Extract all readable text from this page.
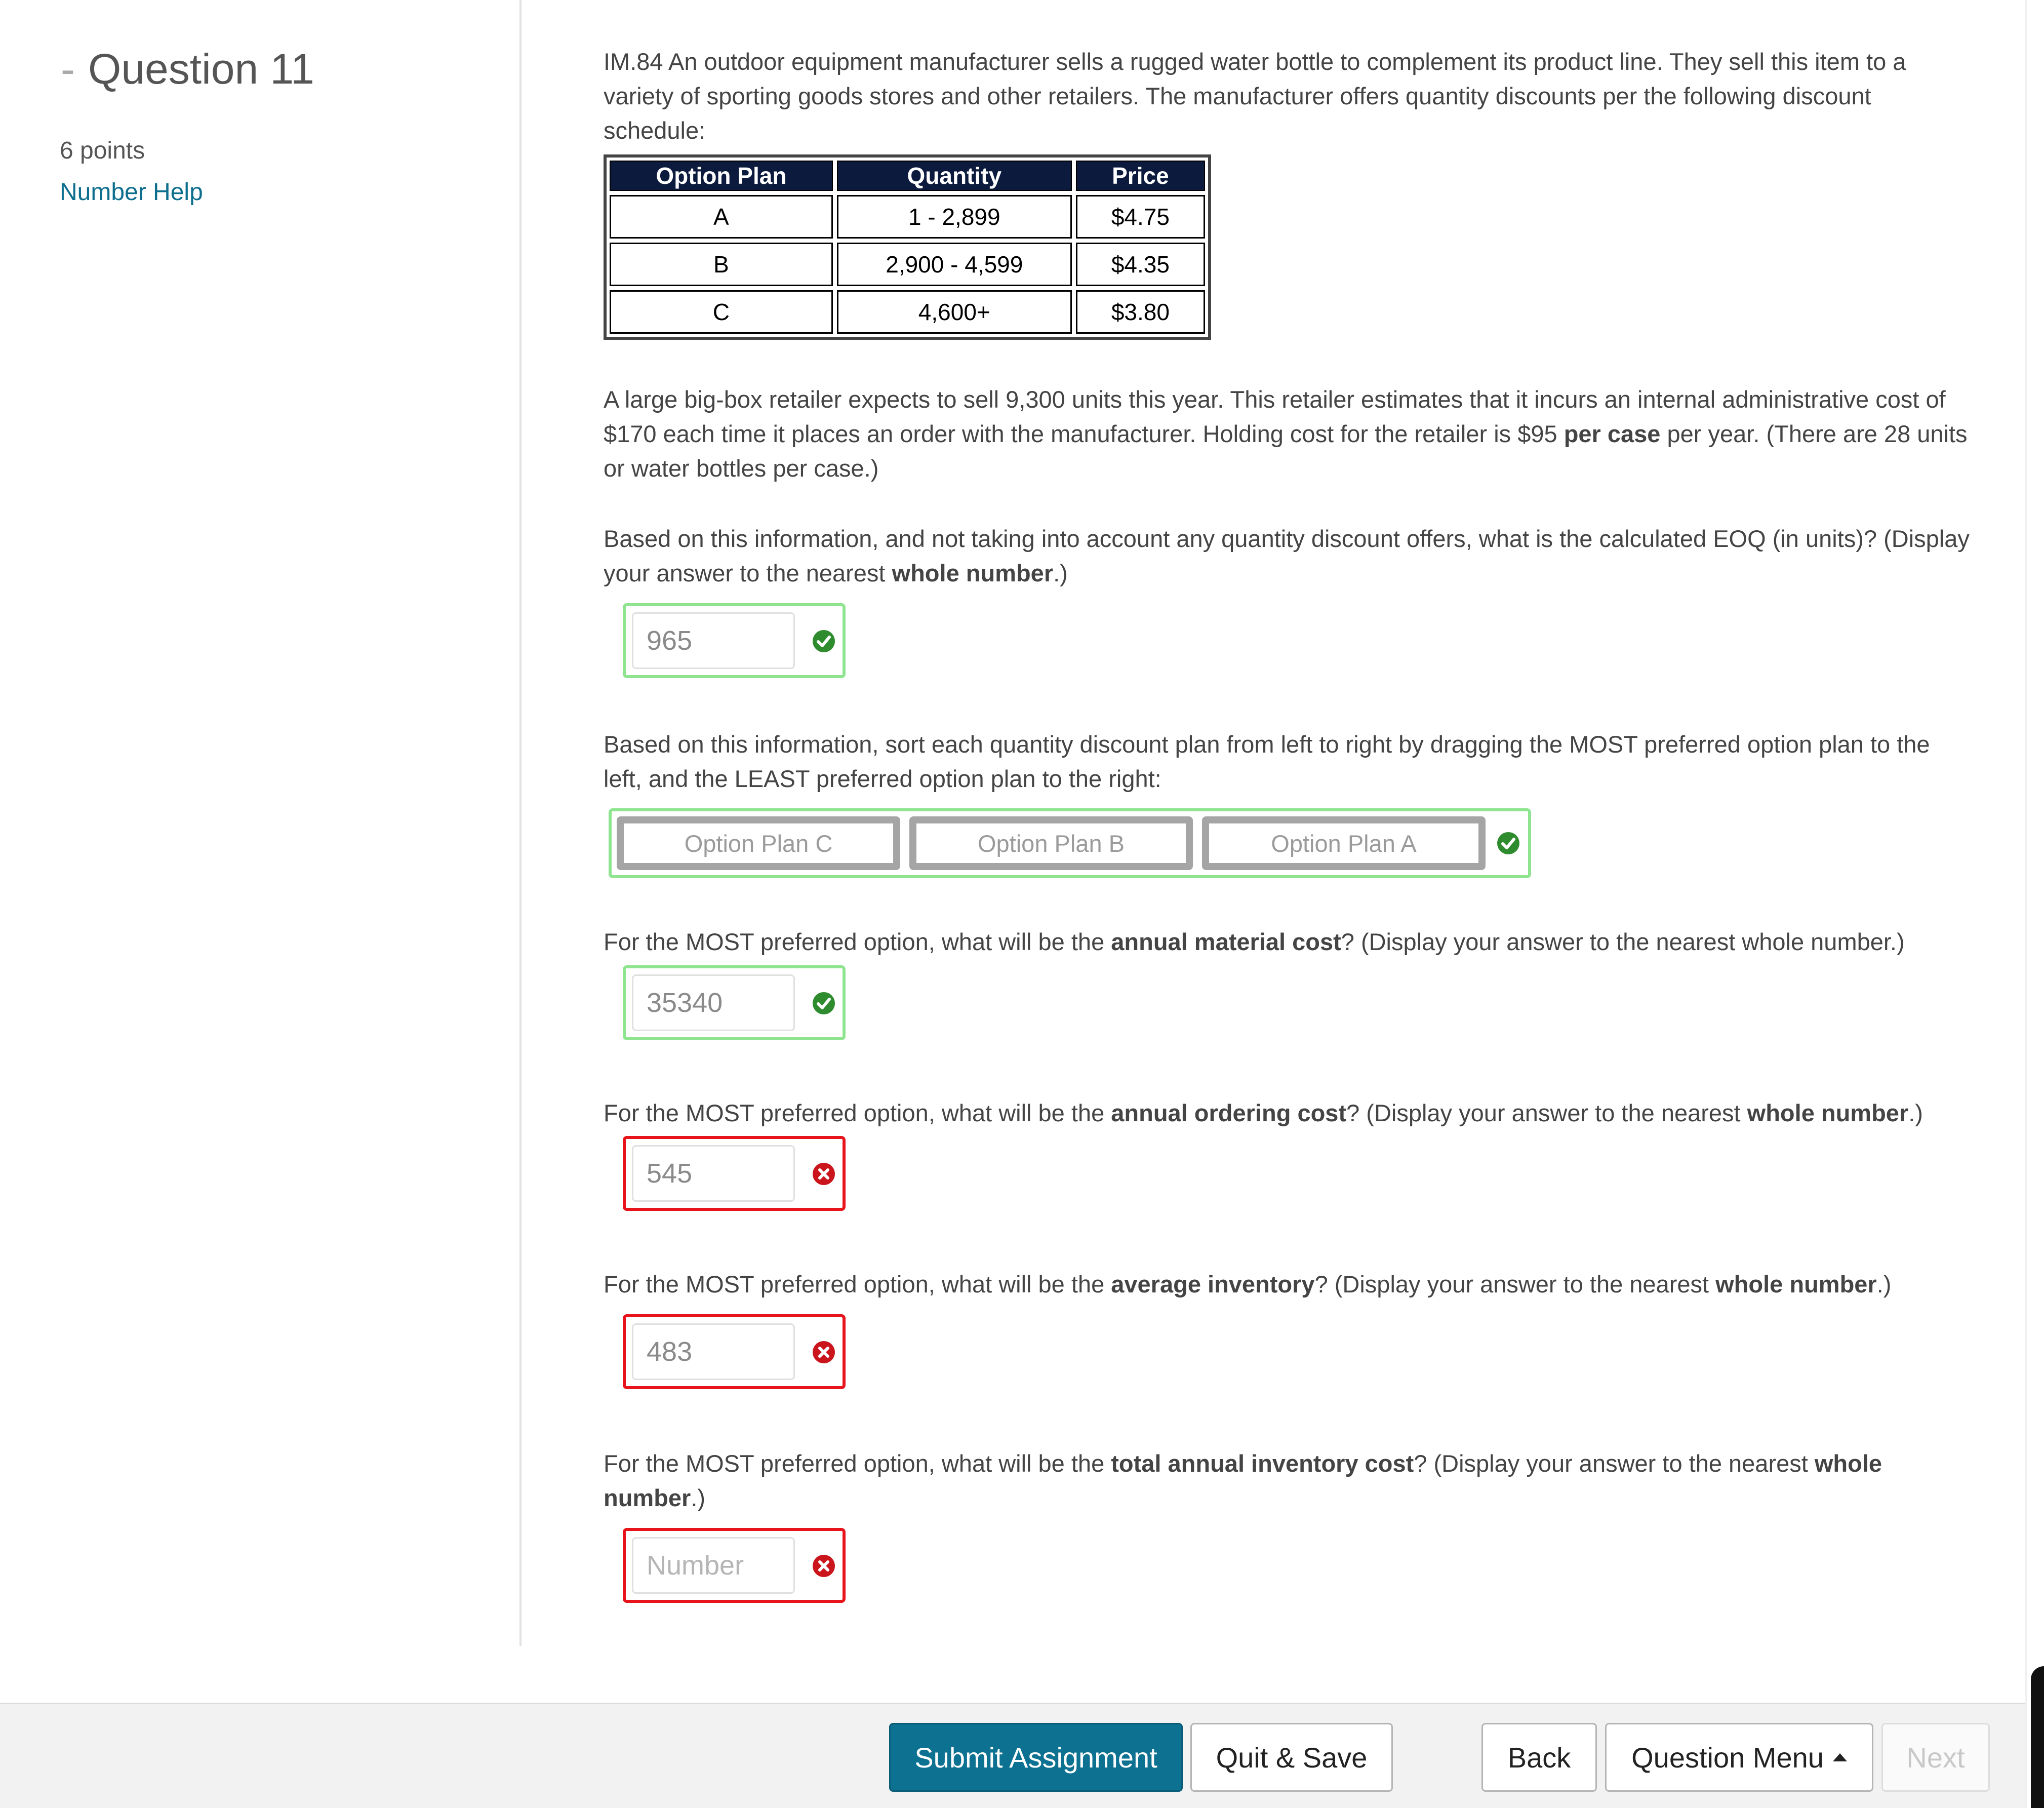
- Question 11
6 points
Number Help

IM.84 An outdoor equipment manufacturer sells a rugged water bottle to complement its product line. They sell this item to a variety of sporting goods stores and other retailers. The manufacturer offers quantity discounts per the following discount schedule:

Option Plan	Quantity	Price
A	1 - 2,899	$4.75
B	2,900 - 4,599	$4.35
C	4,600+	$3.80

A large big-box retailer expects to sell 9,300 units this year. This retailer estimates that it incurs an internal administrative cost of $170 each time it places an order with the manufacturer. Holding cost for the retailer is $95 per case per year. (There are 28 units or water bottles per case.)

Based on this information, and not taking into account any quantity discount offers, what is the calculated EOQ (in units)? (Display your answer to the nearest whole number.)

965

Based on this information, sort each quantity discount plan from left to right by dragging the MOST preferred option plan to the left, and the LEAST preferred option plan to the right:

Option Plan C	Option Plan B	Option Plan A

For the MOST preferred option, what will be the annual material cost? (Display your answer to the nearest whole number.)

35340

For the MOST preferred option, what will be the annual ordering cost? (Display your answer to the nearest whole number.)

545

For the MOST preferred option, what will be the average inventory? (Display your answer to the nearest whole number.)

483

For the MOST preferred option, what will be the total annual inventory cost? (Display your answer to the nearest whole number.)

Number
Submit Assignment	Quit & Save	Back	Question Menu	Next
